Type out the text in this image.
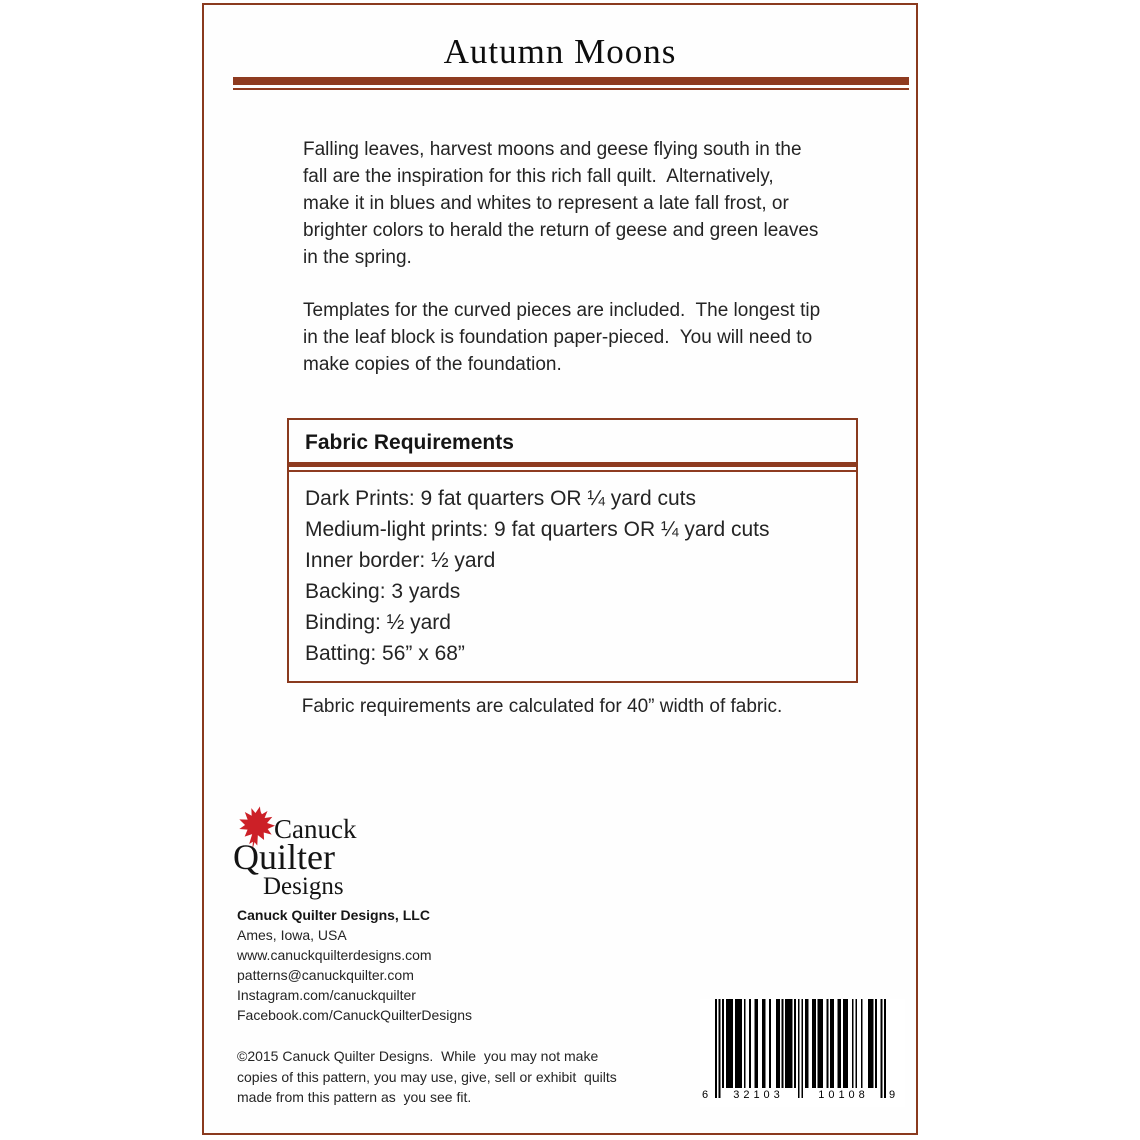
Autumn Moons
Falling leaves, harvest moons and geese flying south in the fall are the inspiration for this rich fall quilt.  Alternatively, make it in blues and whites to represent a late fall frost, or brighter colors to herald the return of geese and green leaves in the spring.
Templates for the curved pieces are included.  The longest tip in the leaf block is foundation paper-pieced.  You will need to make copies of the foundation.
Fabric Requirements
Dark Prints: 9 fat quarters OR ¼ yard cuts
Medium-light prints: 9 fat quarters OR ¼ yard cuts
Inner border: ½ yard
Backing: 3 yards
Binding: ½ yard
Batting: 56” x 68”
Fabric requirements are calculated for 40” width of fabric.
Canuck
Quilter
Designs
Canuck Quilter Designs, LLC
Ames, Iowa, USA
www.canuckquilterdesigns.com
patterns@canuckquilter.com
Instagram.com/canuckquilter
Facebook.com/CanuckQuilterDesigns
©2015 Canuck Quilter Designs.  While  you may not make
copies of this pattern, you may use, give, sell or exhibit  quilts
made from this pattern as  you see fit.	6	32103	10108	9
